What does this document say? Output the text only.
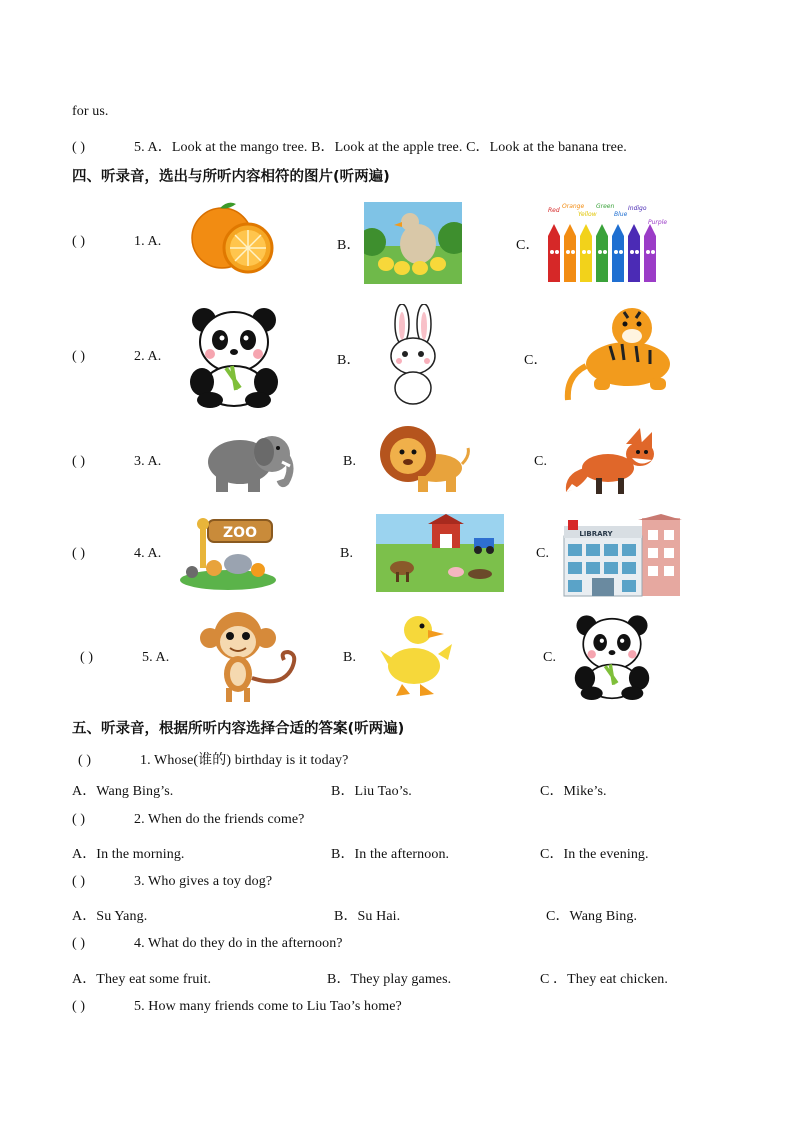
for us.
( )	5. A．Look at the mango tree. B．Look at the apple tree. C．Look at the banana tree.
四、听录音，选出与所听内容相符的图片(听两遍)
( )	1. A.	B．	C．
( )	2. A.	B．	C．
( )	3. A.	B.	C.
( )	4. A.	B.	C.
( )	5. A.	B.	C.
Red
Orange
Yellow
Green
Blue
Indigo
Purple
ZOO	LIBRARY
五、听录音，根据所听内容选择合适的答案(听两遍)
( )	1. Whose(谁的) birthday is it today?
A．Wang Bing’s.	B．Liu Tao’s.	C．Mike’s.
( )	2. When do the friends come?
A．In the morning.	B．In the afternoon.	C．In the evening.
( )	3. Who gives a toy dog?
A．Su Yang.	B．Su Hai.	C．Wang Bing.
( )	4. What do they do in the afternoon?
A．They eat some fruit.	B．They play games.	C ．They eat chicken.
( )	5. How many friends come to Liu Tao’s home?
